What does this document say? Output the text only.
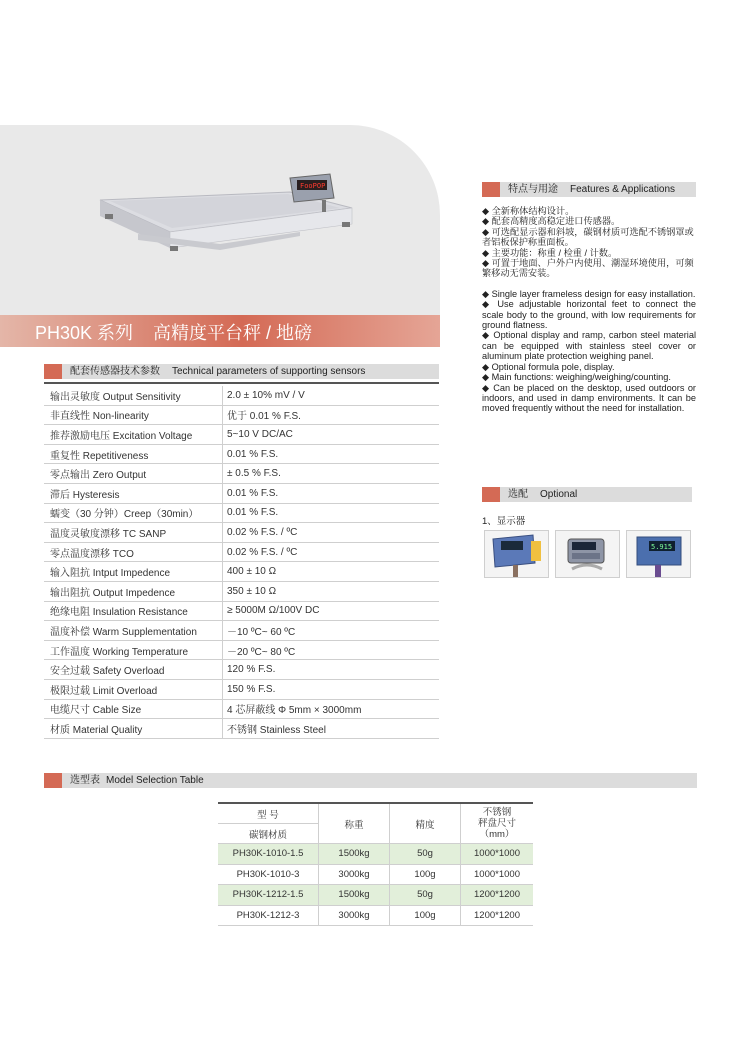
FooPOP
PH30K 系列 高精度平台秤 / 地磅
配套传感器技术参数 Technical parameters of supporting sensors
输出灵敏度 Output Sensitivity	2.0 ± 10% mV / V
非直线性 Non-linearity	优于 0.01 % F.S.
推荐激励电压 Excitation Voltage	5~10 V DC/AC
重复性 Repetitiveness	0.01 % F.S.
零点输出 Zero Output	± 0.5 % F.S.
滞后 Hysteresis	0.01 % F.S.
蠕变（30 分钟）Creep（30min）	0.01 % F.S.
温度灵敏度漂移 TC SANP	0.02 % F.S. / ºC
零点温度漂移 TCO	0.02 % F.S. / ºC
输入阻抗 Intput Impedence	400 ± 10 Ω
输出阻抗 Output Impedence	350 ± 10 Ω
绝缘电阻 Insulation Resistance	≥ 5000M Ω/100V DC
温度补偿 Warm Supplementation	－10 ºC~ 60 ºC
工作温度 Working Temperature	－20 ºC~ 80 ºC
安全过载 Safety Overload	120 % F.S.
极限过载 Limit Overload	150 % F.S.
电缆尺寸 Cable Size	4 芯屏蔽线 Φ 5mm × 3000mm
材质 Material Quality	不锈钢 Stainless Steel
特点与用途 Features & Applications

◆ 全新称体结构设计。

◆ 配套高精度高稳定进口传感器。

◆ 可选配显示器和斜坡，碳钢材质可选配不锈钢罩或者铝板保护称重面板。

◆ 主要功能：称重 / 检重 / 计数。

◆ 可置于地面、户外户内使用、潮湿环境使用，可频繁移动无需安装。

◆ Single layer frameless design for easy installation.

◆ Use adjustable horizontal feet to connect the scale body to the ground, with low requirements for ground flatness.

◆ Optional display and ramp, carbon steel material can be equipped with stainless steel cover or aluminum plate protection weighing panel.

◆ Optional formula pole, display.

◆ Main functions: weighing/weighing/counting.

◆ Can be placed on the desktop, used outdoors or indoors, and used in damp environments. It can be moved frequently without the need for installation.

选配 Optional
1、显示器
5.915
选型表 Model Selection Table
型 号	称重	精度	不锈钢
秤盘尺寸
（mm）

碳钢材质			
PH30K-1010-1.5	1500kg	50g	1000*1000
PH30K-1010-3	3000kg	100g	1000*1000
PH30K-1212-1.5	1500kg	50g	1200*1200
PH30K-1212-3	3000kg	100g	1200*1200
